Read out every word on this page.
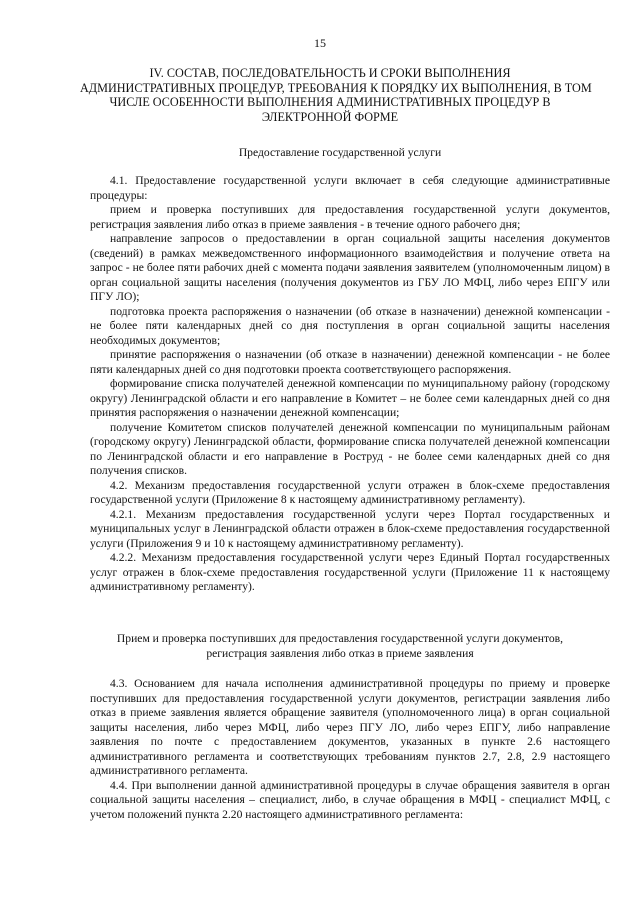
15
IV. СОСТАВ, ПОСЛЕДОВАТЕЛЬНОСТЬ И СРОКИ ВЫПОЛНЕНИЯ
АДМИНИСТРАТИВНЫХ ПРОЦЕДУР, ТРЕБОВАНИЯ К ПОРЯДКУ ИХ ВЫПОЛНЕНИЯ, В ТОМ
ЧИСЛЕ ОСОБЕННОСТИ ВЫПОЛНЕНИЯ АДМИНИСТРАТИВНЫХ ПРОЦЕДУР В
ЭЛЕКТРОННОЙ ФОРМЕ
Предоставление государственной услуги

4.1. Предоставление государственной услуги включает в себя следующие административные процедуры:

прием и проверка поступивших для предоставления государственной услуги документов, регистрация заявления либо отказ в приеме заявления - в течение одного рабочего дня;

направление запросов о предоставлении в орган социальной защиты населения документов (сведений) в рамках межведомственного информационного взаимодействия и получение ответа на запрос - не более пяти рабочих дней с момента подачи заявления заявителем (уполномоченным лицом) в орган социальной защиты населения (получения документов из ГБУ ЛО МФЦ, либо через ЕПГУ или ПГУ ЛО);

подготовка проекта распоряжения о назначении (об отказе в назначении) денежной компенсации - не более пяти календарных дней со дня поступления в орган социальной защиты населения необходимых документов;

принятие распоряжения о назначении (об отказе в назначении) денежной компенсации - не более пяти календарных дней со дня подготовки проекта соответствующего распоряжения.

формирование списка получателей денежной компенсации по муниципальному району (городскому округу) Ленинградской области и его направление в Комитет – не более семи календарных дней со дня принятия распоряжения о назначении денежной компенсации;

получение Комитетом списков получателей денежной компенсации по муниципальным районам (городскому округу) Ленинградской области, формирование списка получателей денежной компенсации по Ленинградской области и его направление в Роструд - не более семи календарных дней со дня получения списков.

4.2. Механизм предоставления государственной услуги отражен в блок-схеме предоставления государственной услуги (Приложение 8 к настоящему административному регламенту).

4.2.1. Механизм предоставления государственной услуги через Портал государственных и муниципальных услуг в Ленинградской области отражен в блок-схеме предоставления государственной услуги (Приложения 9 и 10 к настоящему административному регламенту).

4.2.2. Механизм предоставления государственной услуги через Единый Портал государственных услуг отражен в блок-схеме предоставления государственной услуги (Приложение 11 к настоящему административному регламенту).

Прием и проверка поступивших для предоставления государственной услуги документов,
регистрация заявления либо отказ в приеме заявления

4.3. Основанием для начала исполнения административной процедуры по приему и проверке поступивших для предоставления государственной услуги документов, регистрации заявления либо отказ в приеме заявления является обращение заявителя (уполномоченного лица) в орган социальной защиты населения, либо через МФЦ, либо через ПГУ ЛО, либо через ЕПГУ, либо направление заявления по почте с предоставлением документов, указанных в пункте 2.6 настоящего административного регламента и соответствующих требованиям пунктов 2.7, 2.8, 2.9 настоящего административного регламента.

4.4. При выполнении данной административной процедуры в случае обращения заявителя в орган социальной защиты населения – специалист, либо, в случае обращения в МФЦ - специалист МФЦ, с учетом положений пункта 2.20 настоящего административного регламента:
